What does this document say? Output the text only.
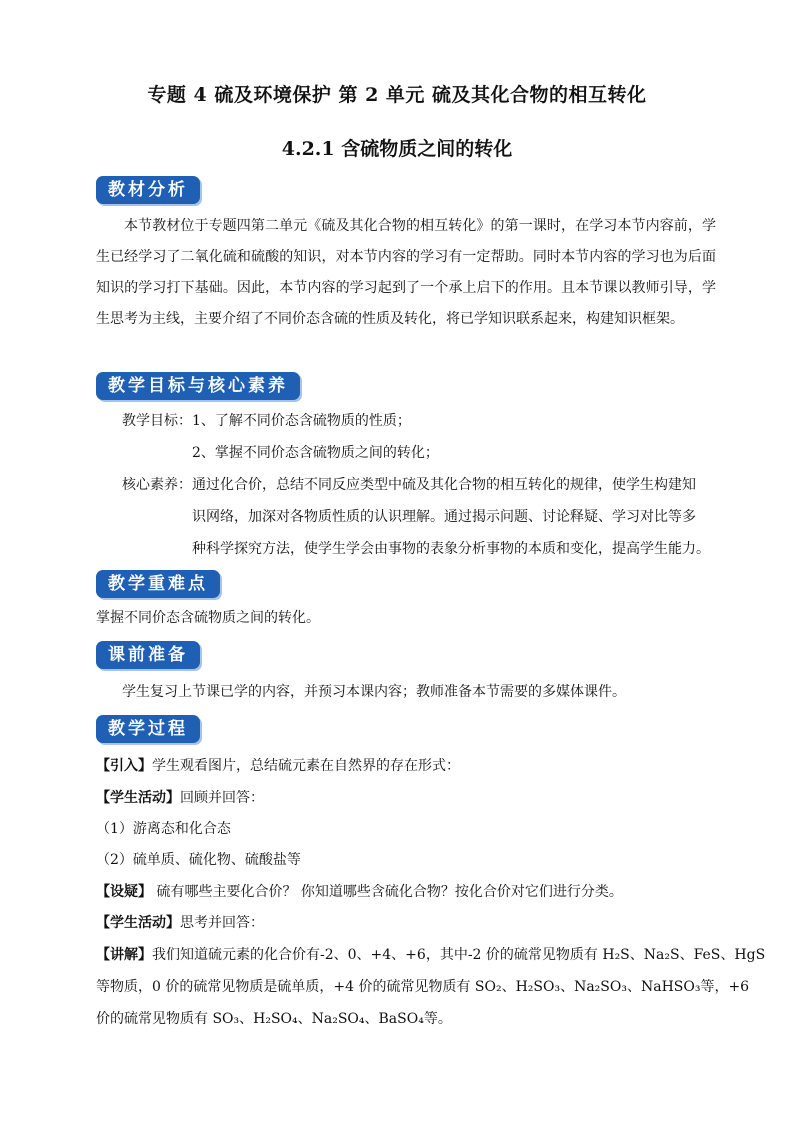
专题 4 硫及环境保护 第 2 单元 硫及其化合物的相互转化
4.2.1 含硫物质之间的转化
教材分析
本节教材位于专题四第二单元《硫及其化合物的相互转化》的第一课时，在学习本节内容前，学生已经学习了二氧化硫和硫酸的知识，对本节内容的学习有一定帮助。同时本节内容的学习也为后面知识的学习打下基础。因此，本节内容的学习起到了一个承上启下的作用。且本节课以教师引导，学生思考为主线，主要介绍了不同价态含硫的性质及转化，将已学知识联系起来，构建知识框架。
教学目标与核心素养
教学目标： 1、了解不同价态含硫物质的性质；
2、掌握不同价态含硫物质之间的转化；
核心素养： 通过化合价，总结不同反应类型中硫及其化合物的相互转化的规律，使学生构建知
识网络，加深对各物质性质的认识理解。通过揭示问题、讨论释疑、学习对比等多
种科学探究方法，使学生学会由事物的表象分析事物的本质和变化，提高学生能力。
教学重难点
掌握不同价态含硫物质之间的转化。
课前准备
学生复习上节课已学的内容，并预习本课内容；教师准备本节需要的多媒体课件。
教学过程
【引入】学生观看图片，总结硫元素在自然界的存在形式：
【学生活动】回顾并回答：
（1）游离态和化合态
（2）硫单质、硫化物、硫酸盐等
【设疑】 硫有哪些主要化合价？ 你知道哪些含硫化合物？按化合价对它们进行分类。
【学生活动】思考并回答：
【讲解】我们知道硫元素的化合价有-2、0、+4、+6，其中-2 价的硫常见物质有 H₂S、Na₂S、FeS、HgS
等物质，0 价的硫常见物质是硫单质，+4 价的硫常见物质有 SO₂、H₂SO₃、Na₂SO₃、NaHSO₃等，+6
价的硫常见物质有 SO₃、H₂SO₄、Na₂SO₄、BaSO₄等。
